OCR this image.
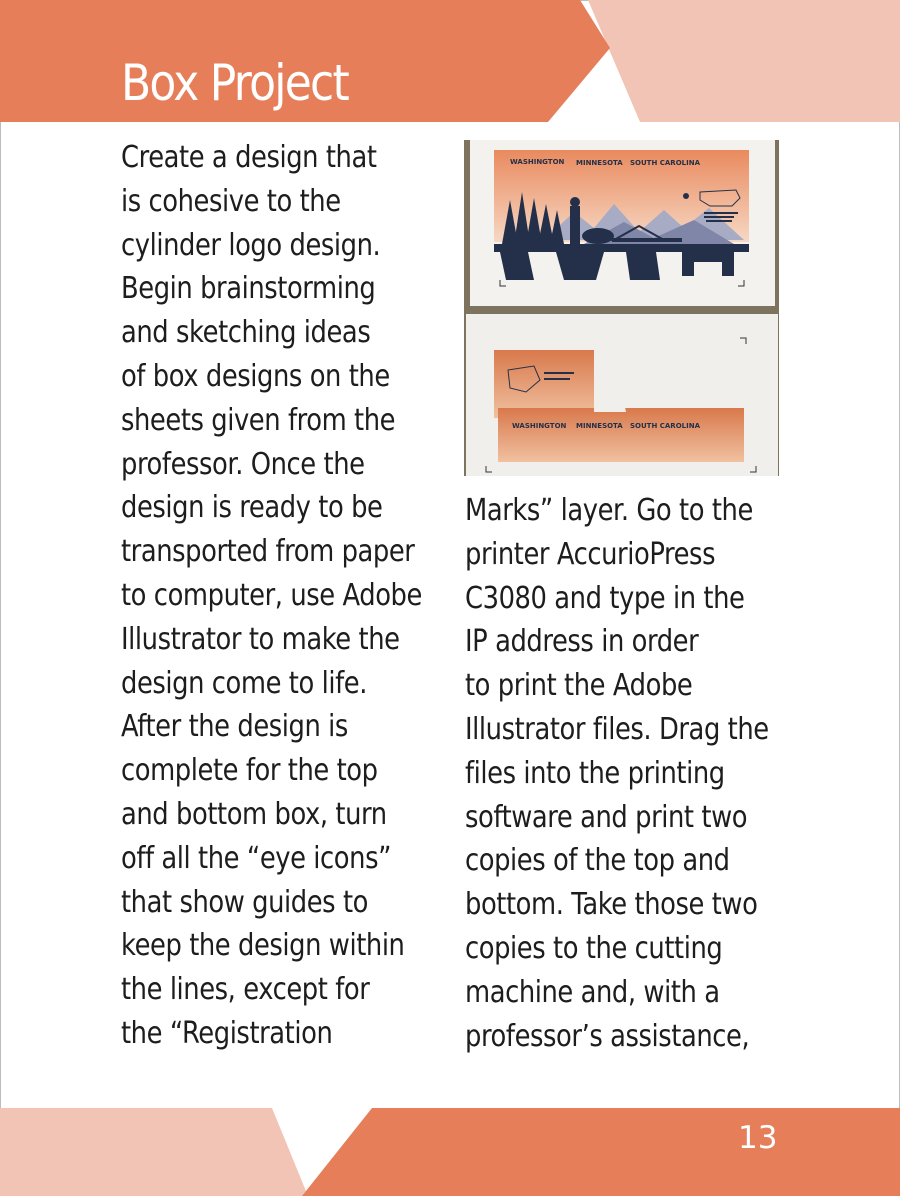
Box Project
Create a design that
is cohesive to the
cylinder logo design.
Begin brainstorming
and sketching ideas
of box designs on the
sheets given from the
professor. Once the
design is ready to be
transported from paper
to computer, use Adobe
Illustrator to make the
design come to life.
After the design is
complete for the top
and bottom box, turn
off all the “eye icons”
that show guides to
keep the design within
the lines, except for
the “Registration
WASHINGTON MINNESOTA SOUTH CAROLINA
WASHINGTON MINNESOTA SOUTH CAROLINA
Marks” layer. Go to the
printer AccurioPress
C3080 and type in the
IP address in order
to print the Adobe
Illustrator files. Drag the
files into the printing
software and print two
copies of the top and
bottom. Take those two
copies to the cutting
machine and, with a
professor’s assistance,
13
